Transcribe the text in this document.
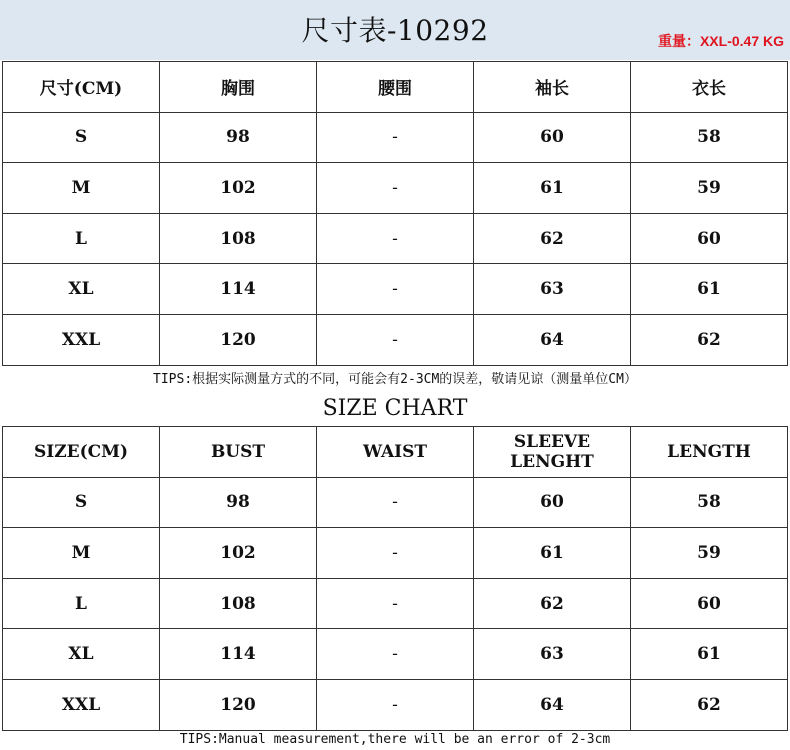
尺寸表-10292	重量：XXL-0.47 KG
尺寸(CM)	胸围	腰围	袖长	衣长
S	98	-	60	58
M	102	-	61	59
L	108	-	62	60
XL	114	-	63	61
XXL	120	-	64	62
TIPS:根据实际测量方式的不同，可能会有2-3CM的误差，敬请见谅（测量单位CM）
SIZE CHART
SIZE(CM)	BUST	WAIST	SLEEVE LENGHT	LENGTH
S	98	-	60	58
M	102	-	61	59
L	108	-	62	60
XL	114	-	63	61
XXL	120	-	64	62
TIPS:Manual measurement,there will be an error of 2-3cm
